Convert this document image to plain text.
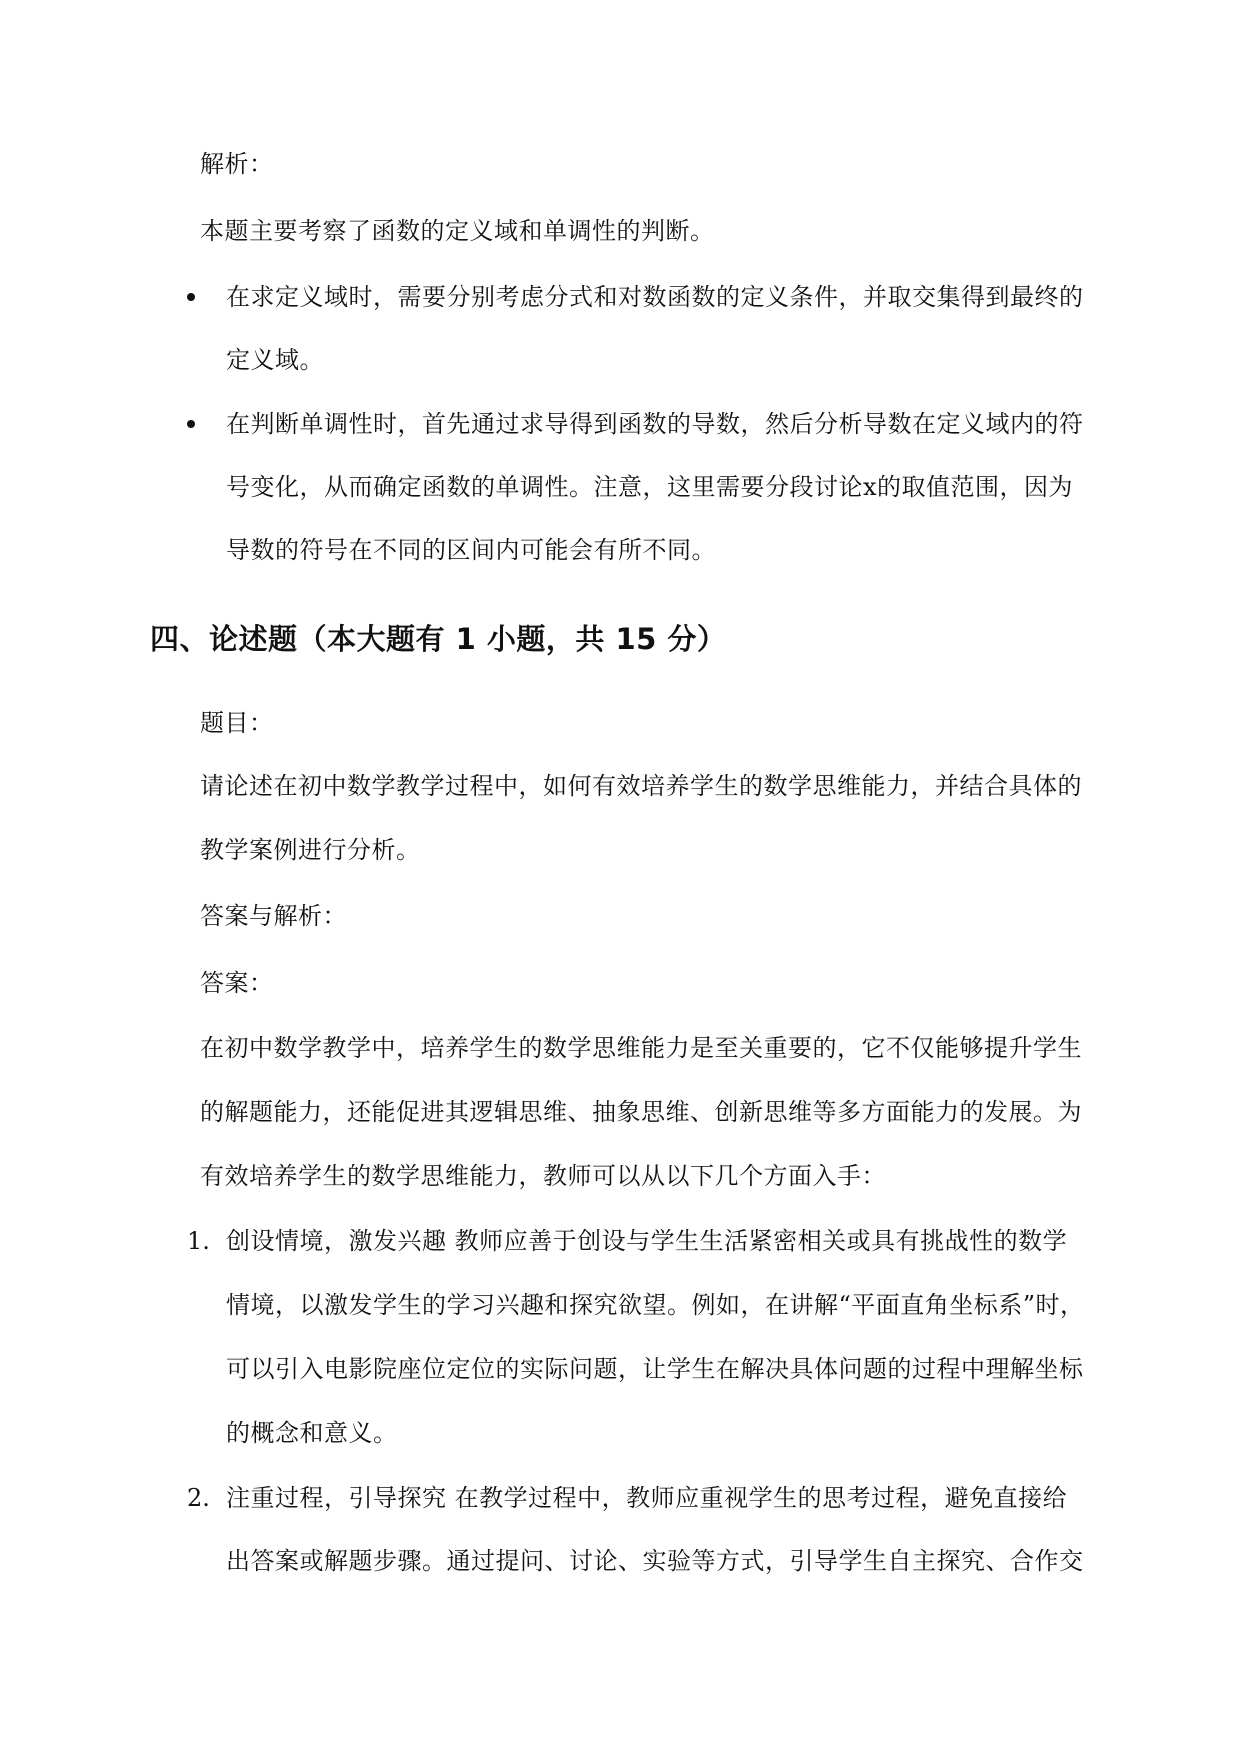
解析：
本题主要考察了函数的定义域和单调性的判断。
在求定义域时，需要分别考虑分式和对数函数的定义条件，并取交集得到最终的
定义域。
在判断单调性时，首先通过求导得到函数的导数，然后分析导数在定义域内的符
号变化，从而确定函数的单调性。注意，这里需要分段讨论x的取值范围，因为
导数的符号在不同的区间内可能会有所不同。
四、论述题（本大题有 1 小题，共 15 分）
题目：
请论述在初中数学教学过程中，如何有效培养学生的数学思维能力，并结合具体的
教学案例进行分析。
答案与解析：
答案：
在初中数学教学中，培养学生的数学思维能力是至关重要的，它不仅能够提升学生
的解题能力，还能促进其逻辑思维、抽象思维、创新思维等多方面能力的发展。为
有效培养学生的数学思维能力，教师可以从以下几个方面入手：
1. 创设情境，激发兴趣 教师应善于创设与学生生活紧密相关或具有挑战性的数学
情境，以激发学生的学习兴趣和探究欲望。例如，在讲解“平面直角坐标系”时，
可以引入电影院座位定位的实际问题，让学生在解决具体问题的过程中理解坐标
的概念和意义。
2. 注重过程，引导探究 在教学过程中，教师应重视学生的思考过程，避免直接给
出答案或解题步骤。通过提问、讨论、实验等方式，引导学生自主探究、合作交
